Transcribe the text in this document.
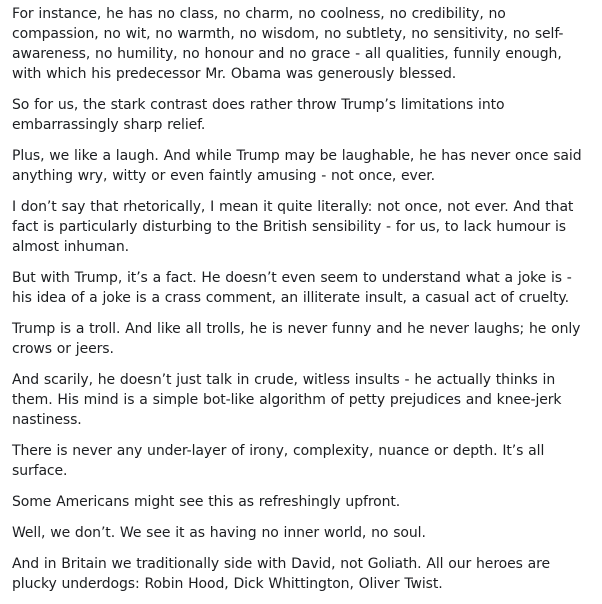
For instance, he has no class, no charm, no coolness, no credibility, no compassion, no wit, no warmth, no wisdom, no subtlety, no sensitivity, no self-awareness, no humility, no honour and no grace - all qualities, funnily enough, with which his predecessor Mr. Obama was generously blessed.

So for us, the stark contrast does rather throw Trump’s limitations into embarrassingly sharp relief.

Plus, we like a laugh. And while Trump may be laughable, he has never once said anything wry, witty or even faintly amusing - not once, ever.

I don’t say that rhetorically, I mean it quite literally: not once, not ever. And that fact is particularly disturbing to the British sensibility - for us, to lack humour is almost inhuman.

But with Trump, it’s a fact. He doesn’t even seem to understand what a joke is - his idea of a joke is a crass comment, an illiterate insult, a casual act of cruelty.

Trump is a troll. And like all trolls, he is never funny and he never laughs; he only crows or jeers.

And scarily, he doesn’t just talk in crude, witless insults - he actually thinks in them. His mind is a simple bot-like algorithm of petty prejudices and knee-jerk nastiness.

There is never any under-layer of irony, complexity, nuance or depth. It’s all surface.

Some Americans might see this as refreshingly upfront.

Well, we don’t. We see it as having no inner world, no soul.

And in Britain we traditionally side with David, not Goliath. All our heroes are plucky underdogs: Robin Hood, Dick Whittington, Oliver Twist.
